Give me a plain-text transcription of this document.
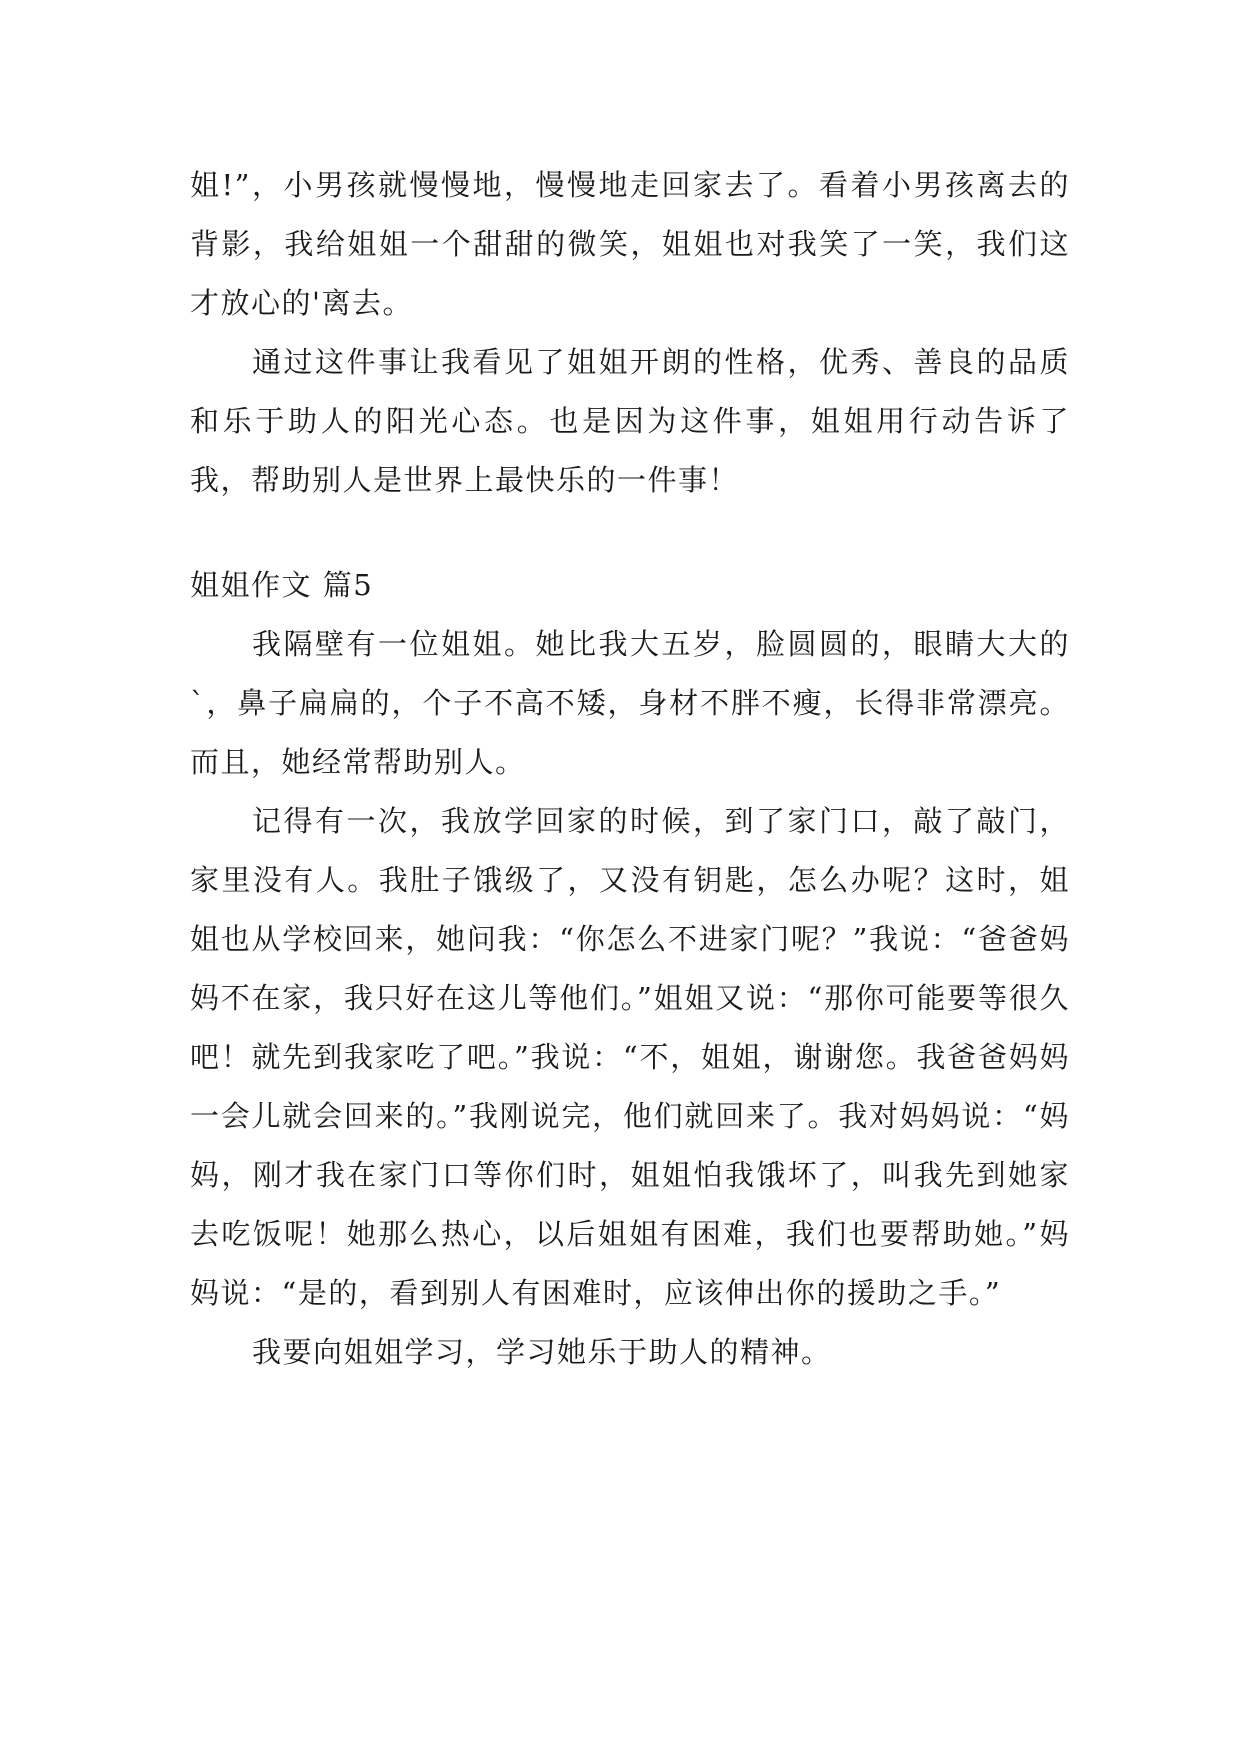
姐!”，小男孩就慢慢地，慢慢地走回家去了。看着小男孩离去的背影，我给姐姐一个甜甜的微笑，姐姐也对我笑了一笑，我们这才放心的'离去。

通过这件事让我看见了姐姐开朗的性格，优秀、善良的品质和乐于助人的阳光心态。也是因为这件事，姐姐用行动告诉了我，帮助别人是世界上最快乐的一件事！

姐姐作文 篇5

我隔壁有一位姐姐。她比我大五岁，脸圆圆的，眼睛大大的`，鼻子扁扁的，个子不高不矮，身材不胖不瘦，长得非常漂亮。而且，她经常帮助别人。

记得有一次，我放学回家的时候，到了家门口，敲了敲门，家里没有人。我肚子饿级了，又没有钥匙，怎么办呢？这时，姐姐也从学校回来，她问我：“你怎么不进家门呢？”我说：“爸爸妈妈不在家，我只好在这儿等他们。”姐姐又说：“那你可能要等很久吧！就先到我家吃了吧。”我说：“不，姐姐，谢谢您。我爸爸妈妈一会儿就会回来的。”我刚说完，他们就回来了。我对妈妈说：“妈妈，刚才我在家门口等你们时，姐姐怕我饿坏了，叫我先到她家去吃饭呢！她那么热心，以后姐姐有困难，我们也要帮助她。”妈妈说：“是的，看到别人有困难时，应该伸出你的援助之手。”

我要向姐姐学习，学习她乐于助人的精神。
